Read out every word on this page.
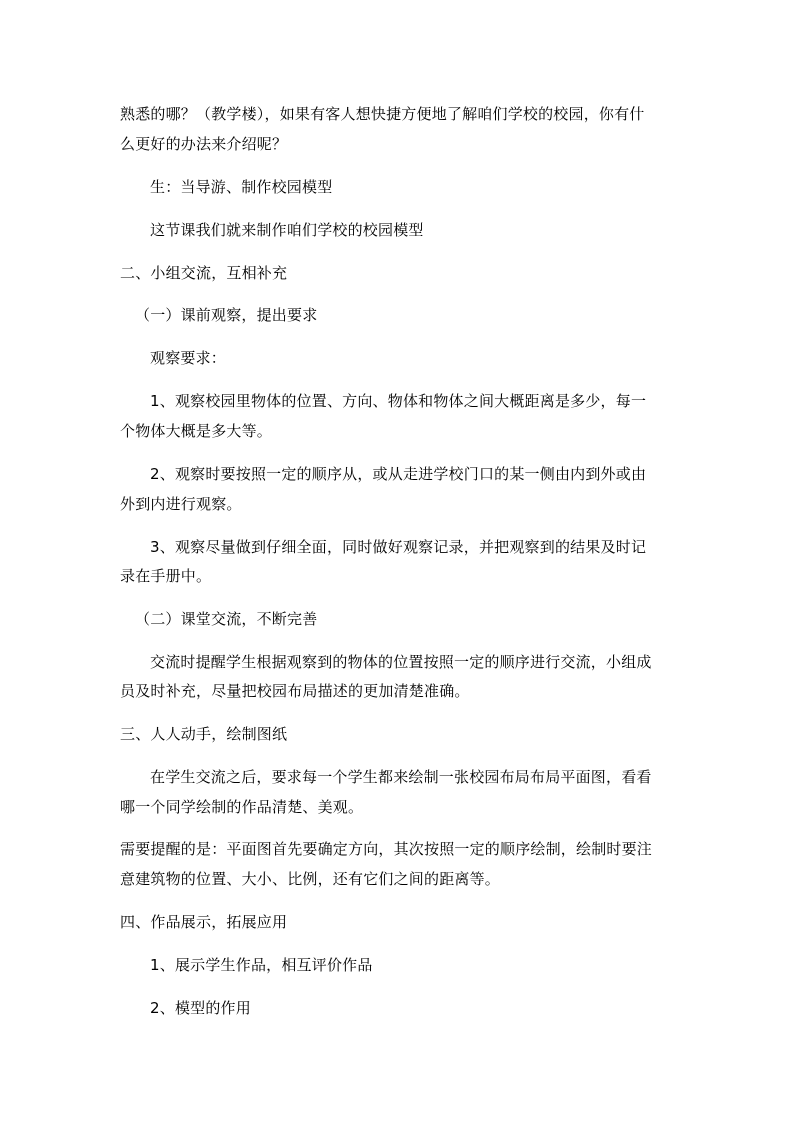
熟悉的哪？（教学楼），如果有客人想快捷方便地了解咱们学校的校园，你有什
么更好的办法来介绍呢？
生：当导游、制作校园模型
这节课我们就来制作咱们学校的校园模型
二、小组交流，互相补充
（一）课前观察，提出要求
观察要求：
1、观察校园里物体的位置、方向、物体和物体之间大概距离是多少，每一
个物体大概是多大等。
2、观察时要按照一定的顺序从，或从走进学校门口的某一侧由内到外或由
外到内进行观察。
3、观察尽量做到仔细全面，同时做好观察记录，并把观察到的结果及时记
录在手册中。
（二）课堂交流，不断完善
交流时提醒学生根据观察到的物体的位置按照一定的顺序进行交流，小组成
员及时补充，尽量把校园布局描述的更加清楚准确。
三、人人动手，绘制图纸
在学生交流之后，要求每一个学生都来绘制一张校园布局布局平面图，看看
哪一个同学绘制的作品清楚、美观。
需要提醒的是：平面图首先要确定方向，其次按照一定的顺序绘制，绘制时要注
意建筑物的位置、大小、比例，还有它们之间的距离等。
四、作品展示，拓展应用
1、展示学生作品，相互评价作品
2、模型的作用
